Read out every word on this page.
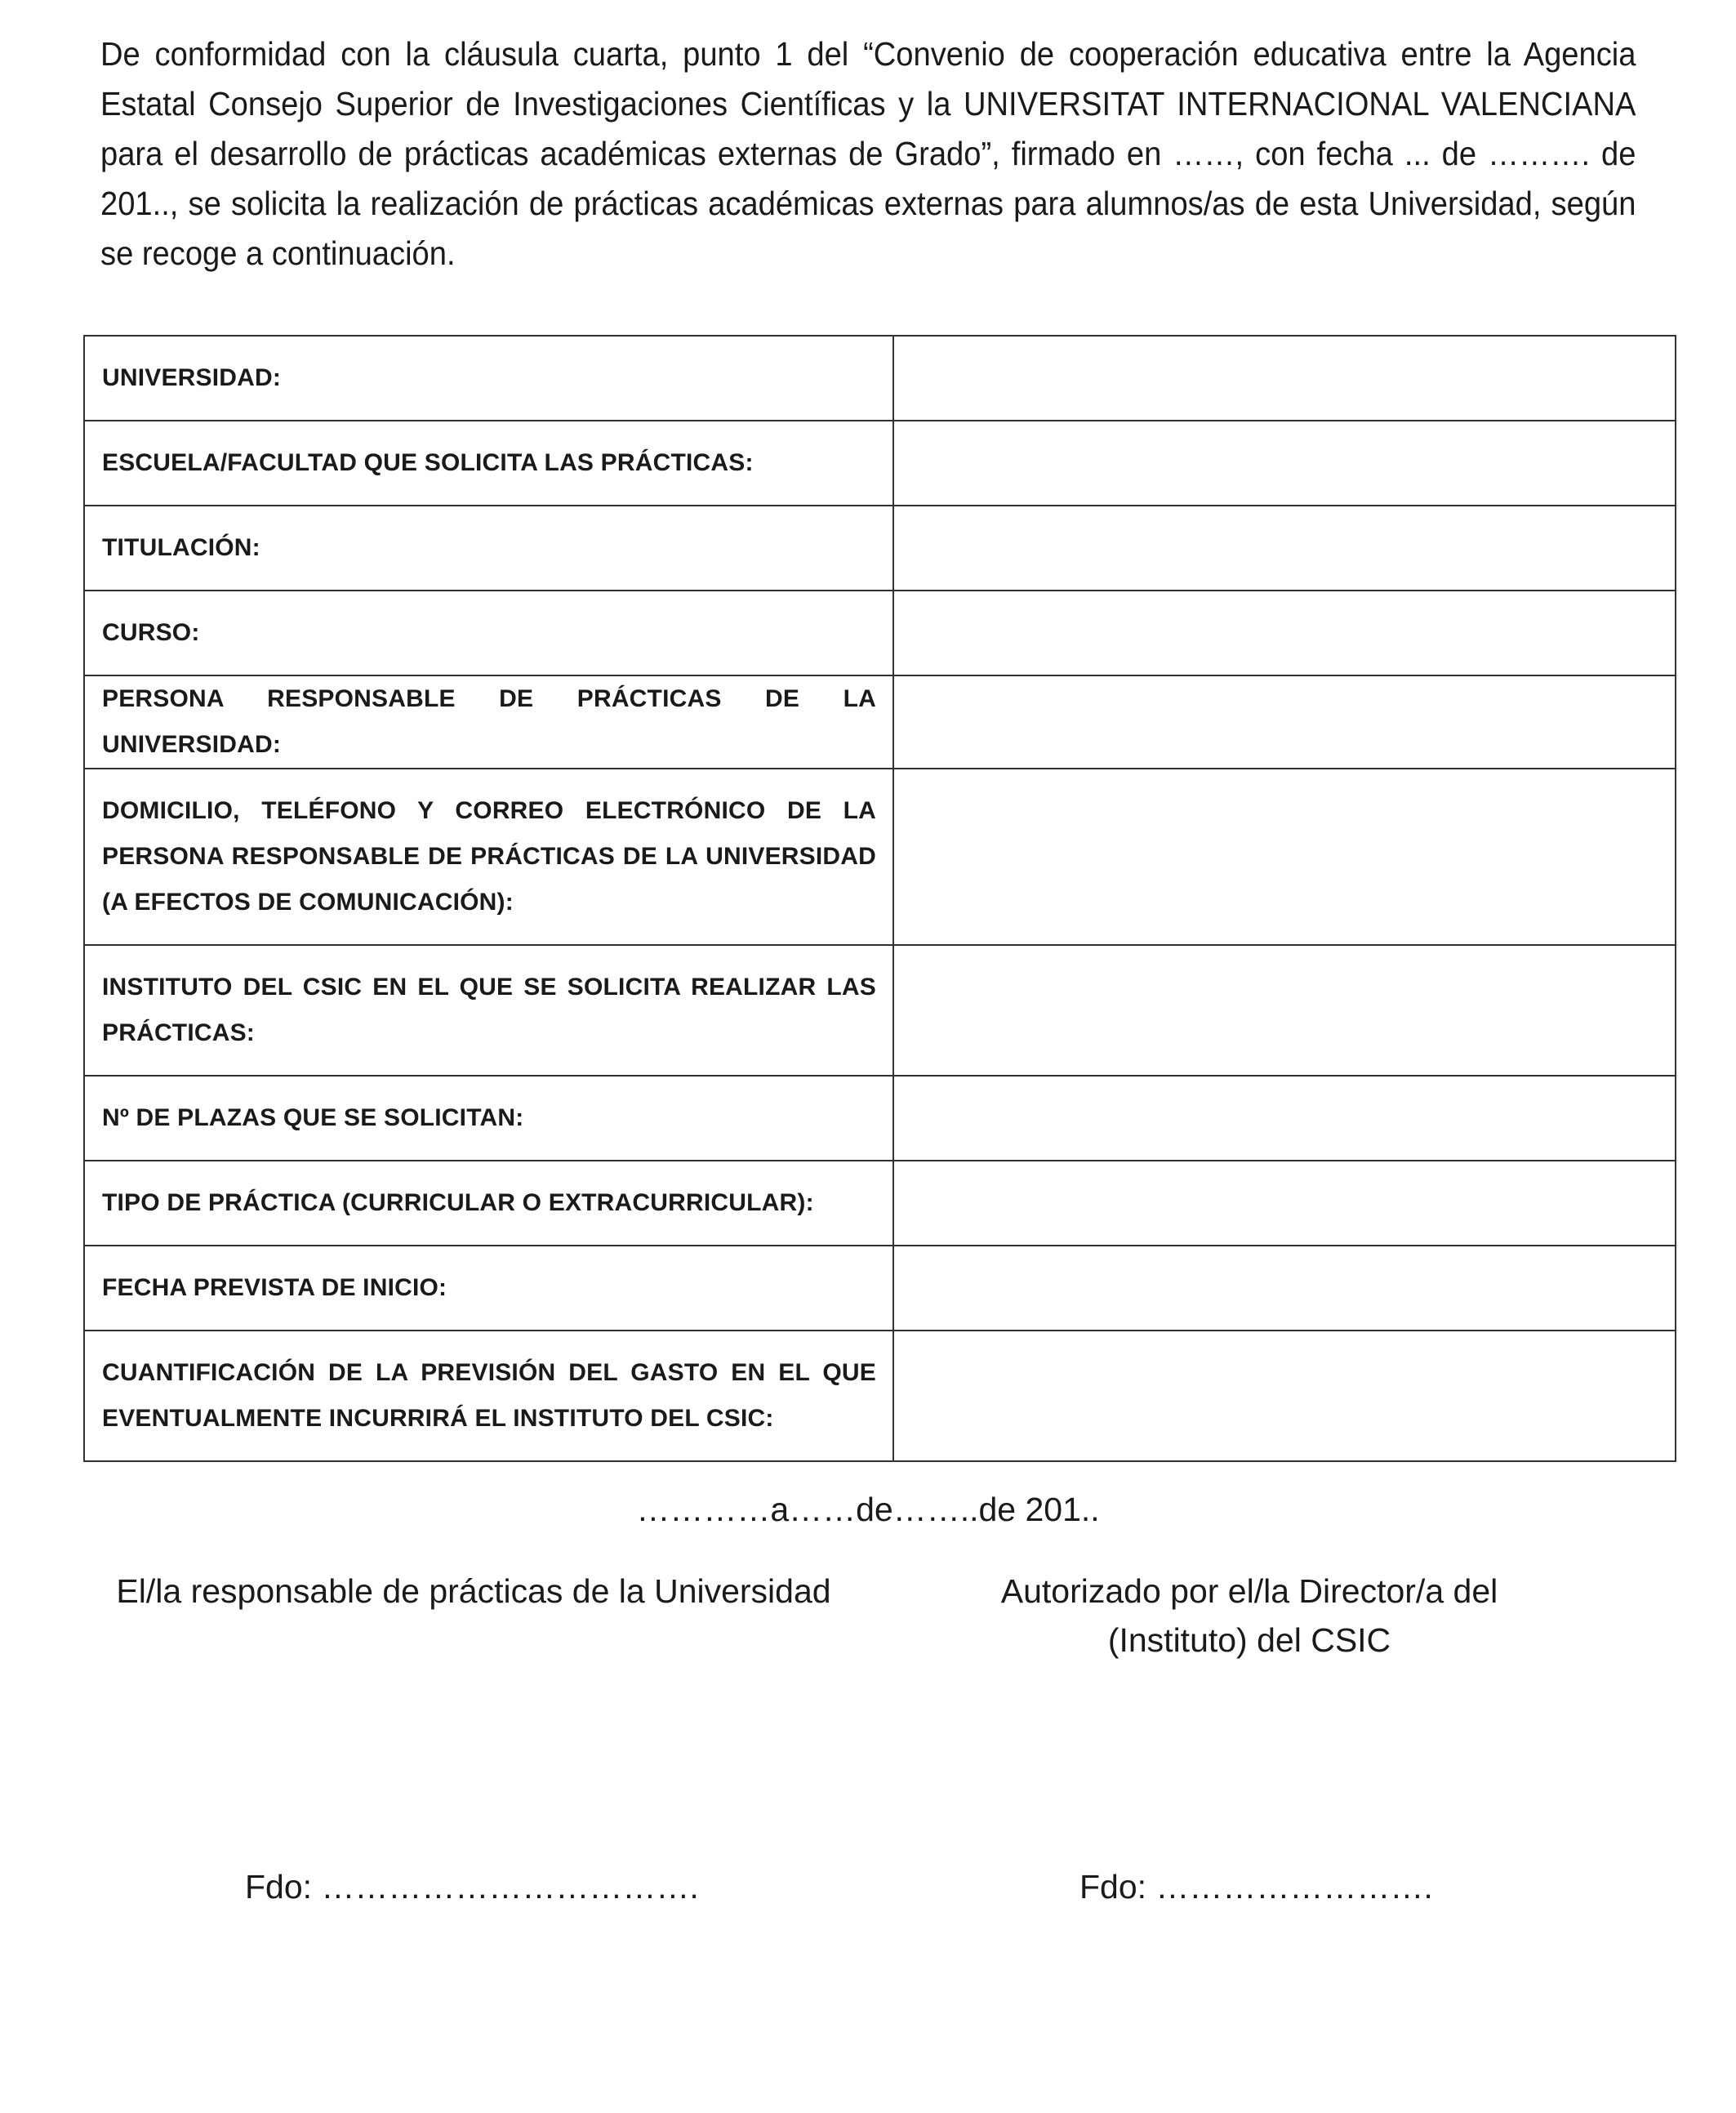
De conformidad con la cláusula cuarta, punto 1 del “Convenio de cooperación educativa entre la Agencia Estatal Consejo Superior de Investigaciones Científicas y la UNIVERSITAT INTERNACIONAL VALENCIANA para el desarrollo de prácticas académicas externas de Grado”, firmado en ……, con fecha ... de ………. de 201.., se solicita la realización de prácticas académicas externas para alumnos/as de esta Universidad, según se recoge a continuación.

UNIVERSIDAD:	
ESCUELA/FACULTAD QUE SOLICITA LAS PRÁCTICAS:	
TITULACIÓN:	
CURSO:	
PERSONA RESPONSABLE DE PRÁCTICAS DE LA UNIVERSIDAD:	
DOMICILIO, TELÉFONO Y CORREO ELECTRÓNICO DE LA PERSONA RESPONSABLE DE PRÁCTICAS DE LA UNIVERSIDAD (A EFECTOS DE COMUNICACIÓN):	
INSTITUTO DEL CSIC EN EL QUE SE SOLICITA REALIZAR LAS PRÁCTICAS:	
Nº DE PLAZAS QUE SE SOLICITAN:	
TIPO DE PRÁCTICA (CURRICULAR O EXTRACURRICULAR):	
FECHA PREVISTA DE INICIO:	
CUANTIFICACIÓN DE LA PREVISIÓN DEL GASTO EN EL QUE EVENTUALMENTE INCURRIRÁ EL INSTITUTO DEL CSIC:	
…………a……de……..de 201..
El/la responsable de prácticas de la Universidad	Autorizado por el/la Director/a del
(Instituto) del CSIC
Fdo: …………………………….	Fdo: …………………….
